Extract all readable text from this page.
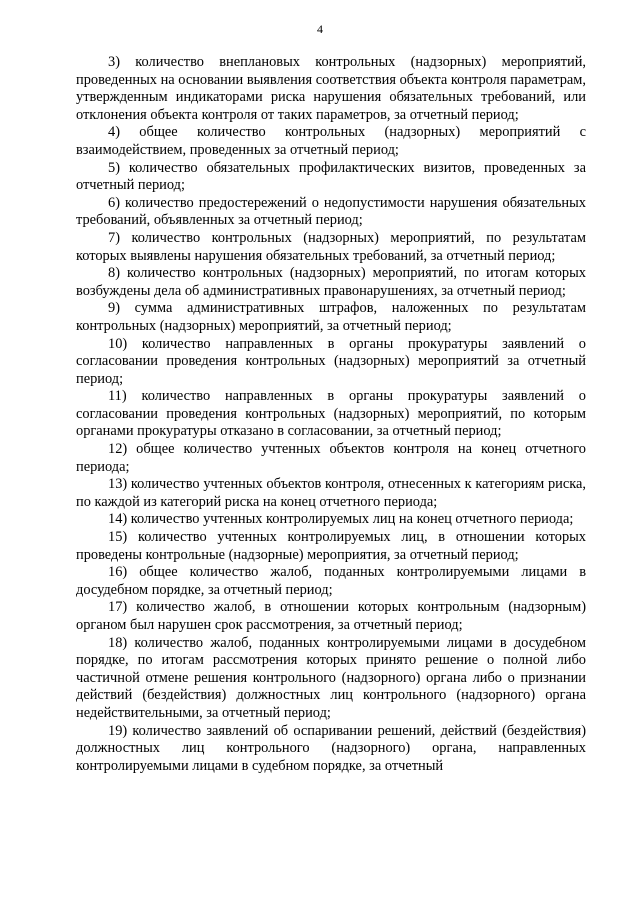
4

3) количество внеплановых контрольных (надзорных) мероприятий, проведенных на основании выявления соответствия объекта контроля параметрам, утвержденным индикаторами риска нарушения обязательных требований, или отклонения объекта контроля от таких параметров, за отчетный период;

4) общее количество контрольных (надзорных) мероприятий с взаимодействием, проведенных за отчетный период;

5) количество обязательных профилактических визитов, проведенных за отчетный период;

6) количество предостережений о недопустимости нарушения обязательных требований, объявленных за отчетный период;

7) количество контрольных (надзорных) мероприятий, по результатам которых выявлены нарушения обязательных требований, за отчетный период;

8) количество контрольных (надзорных) мероприятий, по итогам которых возбуждены дела об административных правонарушениях, за отчетный период;

9) сумма административных штрафов, наложенных по результатам контрольных (надзорных) мероприятий, за отчетный период;

10) количество направленных в органы прокуратуры заявлений о согласовании проведения контрольных (надзорных) мероприятий за отчетный период;

11) количество направленных в органы прокуратуры заявлений о согласовании проведения контрольных (надзорных) мероприятий, по которым органами прокуратуры отказано в согласовании, за отчетный период;

12) общее количество учтенных объектов контроля на конец отчетного периода;

13) количество учтенных объектов контроля, отнесенных к категориям риска, по каждой из категорий риска на конец отчетного периода;

14) количество учтенных контролируемых лиц на конец отчетного периода;

15) количество учтенных контролируемых лиц, в отношении которых проведены контрольные (надзорные) мероприятия, за отчетный период;

16) общее количество жалоб, поданных контролируемыми лицами в досудебном порядке, за отчетный период;

17) количество жалоб, в отношении которых контрольным (надзорным) органом был нарушен срок рассмотрения, за отчетный период;

18) количество жалоб, поданных контролируемыми лицами в досудебном порядке, по итогам рассмотрения которых принято решение о полной либо частичной отмене решения контрольного (надзорного) органа либо о признании действий (бездействия) должностных лиц контрольного (надзорного) органа недействительными, за отчетный период;

19) количество заявлений об оспаривании решений, действий (бездействия) должностных лиц контрольного (надзорного) органа, направленных контролируемыми лицами в судебном порядке, за отчетный
